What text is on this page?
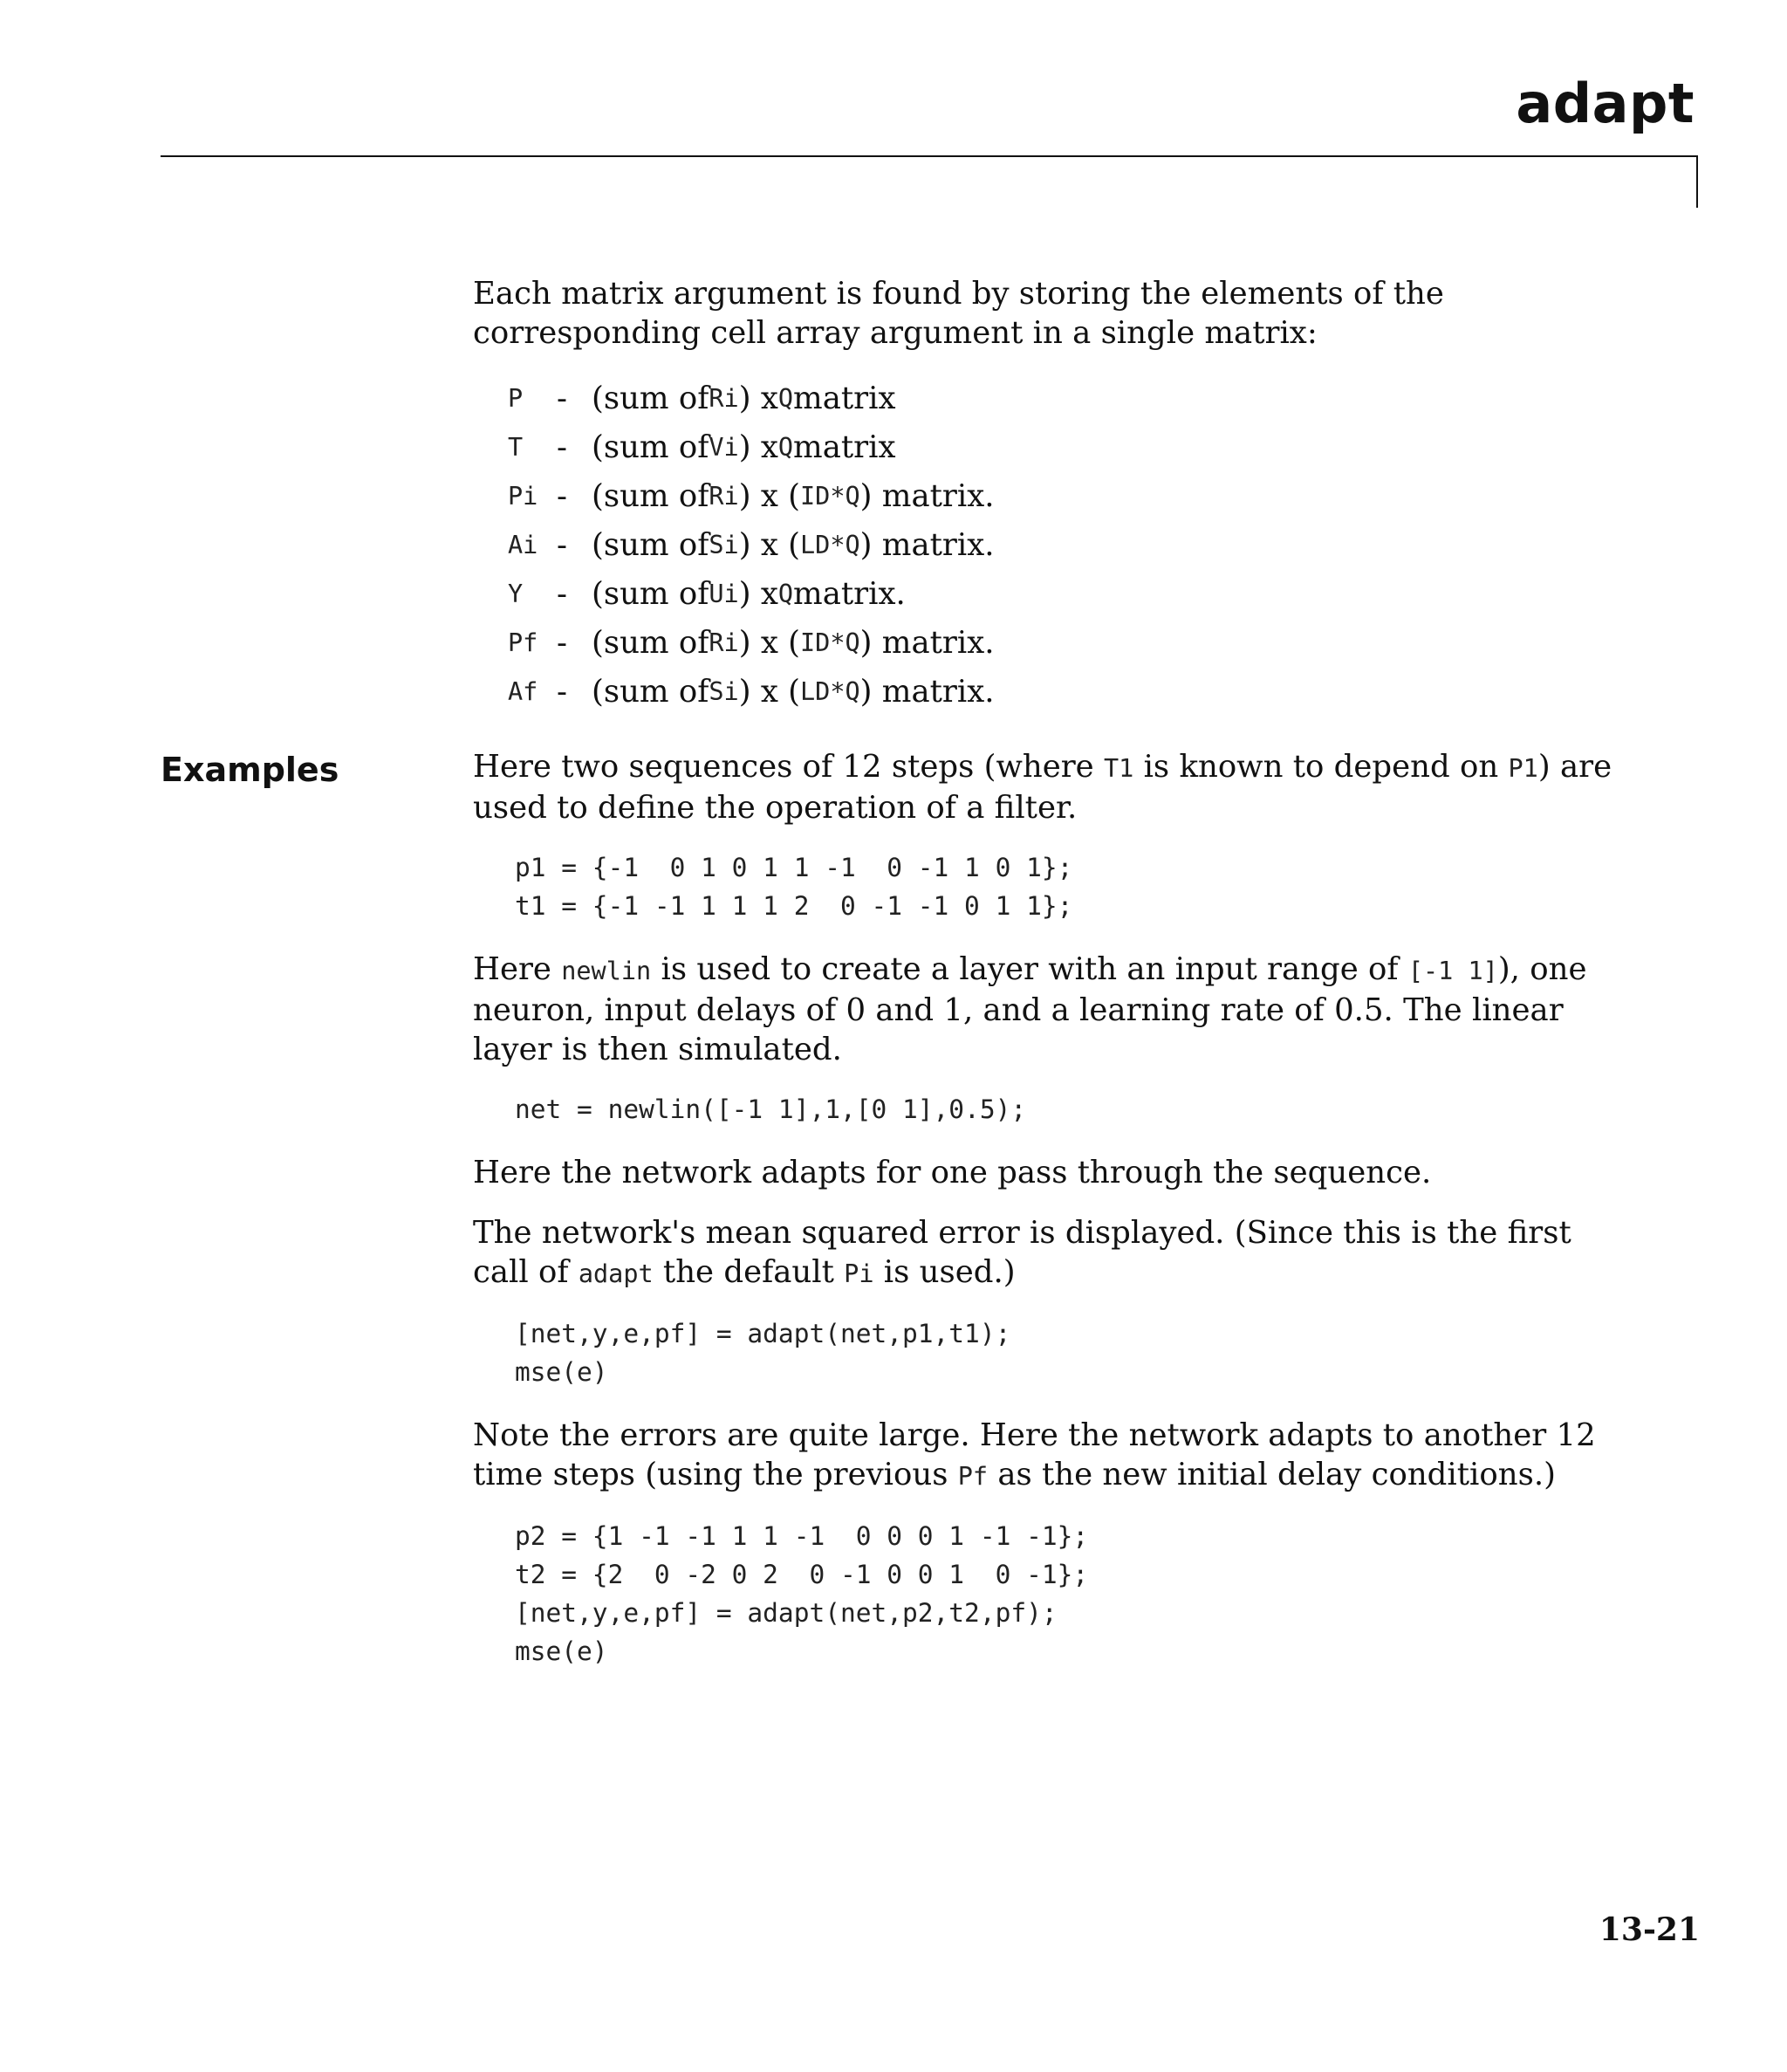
adapt
Examples

Each matrix argument is found by storing the elements of the corresponding cell array argument in a single matrix:

P	- (sum of Ri ) x Q matrix
T	- (sum of Vi ) x Q matrix
Pi - (sum of Ri ) x ( ID*Q ) matrix.
Ai - (sum of Si ) x ( LD*Q ) matrix.
Y	- (sum of Ui ) x Q matrix.
Pf - (sum of Ri ) x ( ID*Q ) matrix.
Af - (sum of Si ) x ( LD*Q ) matrix.

Here two sequences of 12 steps (where T1 is known to depend on P1) are used to define the operation of a filter.

p1 = {-1  0 1 0 1 1 -1  0 -1 1 0 1};
t1 = {-1 -1 1 1 1 2  0 -1 -1 0 1 1};

Here newlin is used to create a layer with an input range of [-1 1]), one neuron, input delays of 0 and 1, and a learning rate of 0.5. The linear layer is then simulated.

net = newlin([-1 1],1,[0 1],0.5);

Here the network adapts for one pass through the sequence.

The network's mean squared error is displayed. (Since this is the first call of adapt the default Pi is used.)

[net,y,e,pf] = adapt(net,p1,t1);
mse(e)

Note the errors are quite large. Here the network adapts to another 12 time steps (using the previous Pf as the new initial delay conditions.)

p2 = {1 -1 -1 1 1 -1  0 0 0 1 -1 -1};
t2 = {2  0 -2 0 2  0 -1 0 0 1  0 -1};
[net,y,e,pf] = adapt(net,p2,t2,pf);
mse(e)
13-21
